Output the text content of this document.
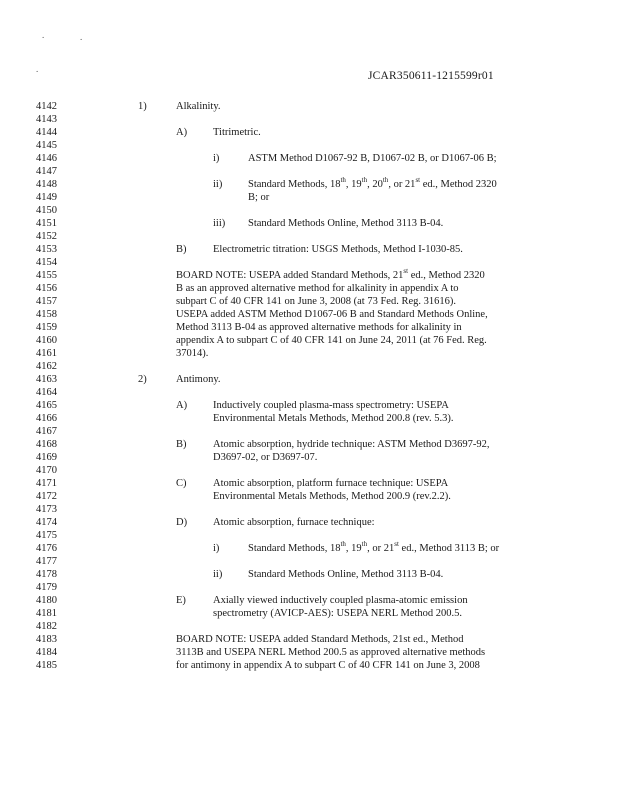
.	.
.
JCAR350611-1215599r01
4142
4143
4144
4145
4146
4147
4148
4149
4150
4151
4152
4153
4154
4155
4156
4157
4158
4159
4160
4161
4162
4163
4164
4165
4166
4167
4168
4169
4170
4171
4172
4173
4174
4175
4176
4177
4178
4179
4180
4181
4182
4183
4184
4185
1)	Alkalinity.
A) Titrimetric.
i)	ASTM Method D1067-92 B, D1067-02 B, or D1067-06 B;
ii) Standard Methods, 18th, 19th, 20th, or 21st ed., Method 2320
B; or
iii) Standard Methods Online, Method 3113 B-04.
B)	Electrometric titration: USGS Methods, Method I-1030-85.
BOARD NOTE: USEPA added Standard Methods, 21st ed., Method 2320
B as an approved alternative method for alkalinity in appendix A to
subpart C of 40 CFR 141 on June 3, 2008 (at 73 Fed. Reg. 31616).
USEPA added ASTM Method D1067-06 B and Standard Methods Online,
Method 3113 B-04 as approved alternative methods for alkalinity in
appendix A to subpart C of 40 CFR 141 on June 24, 2011 (at 76 Fed. Reg.
37014).
2)	Antimony.
A) Inductively coupled plasma-mass spectrometry: USEPA
Environmental Metals Methods, Method 200.8 (rev. 5.3).
B)	Atomic absorption, hydride technique: ASTM Method D3697-92,
D3697-02, or D3697-07.
C)	Atomic absorption, platform furnace technique: USEPA
Environmental Metals Methods, Method 200.9 (rev.2.2).
D) Atomic absorption, furnace technique:
i)	Standard Methods, 18th, 19th, or 21st ed., Method 3113 B; or
ii) Standard Methods Online, Method 3113 B-04.
E)	Axially viewed inductively coupled plasma-atomic emission
spectrometry (AVICP-AES): USEPA NERL Method 200.5.
BOARD NOTE: USEPA added Standard Methods, 21st ed., Method
3113B and USEPA NERL Method 200.5 as approved alternative methods
for antimony in appendix A to subpart C of 40 CFR 141 on June 3, 2008
